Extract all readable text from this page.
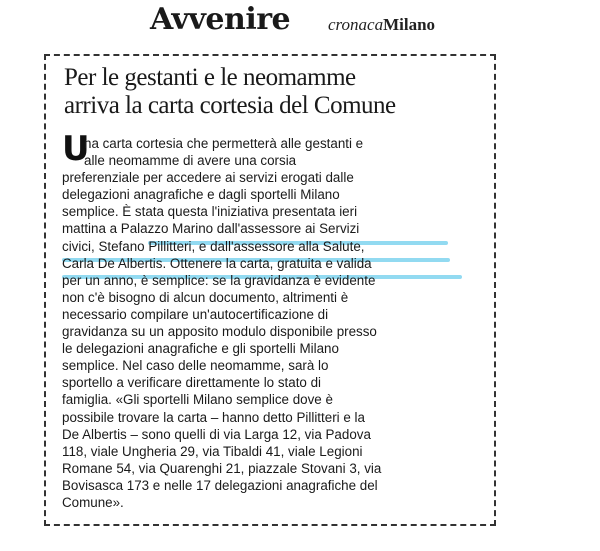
Avvenire cronacaMilano
Per le gestanti e le neomamme
arriva la carta cortesia del Comune
U
na carta cortesia che permetterà alle gestanti e
alle neomamme di avere una corsia
preferenziale per accedere ai servizi erogati dalle
delegazioni anagrafiche e dagli sportelli Milano
semplice. È stata questa l'iniziativa presentata ieri
mattina a Palazzo Marino dall'assessore ai Servizi
civici, Stefano Pillitteri, e dall'assessore alla Salute,
Carla De Albertis. Ottenere la carta, gratuita e valida
per un anno, è semplice: se la gravidanza è evidente
non c'è bisogno di alcun documento, altrimenti è
necessario compilare un'autocertificazione di
gravidanza su un apposito modulo disponibile presso
le delegazioni anagrafiche e gli sportelli Milano
semplice. Nel caso delle neomamme, sarà lo
sportello a verificare direttamente lo stato di
famiglia. «Gli sportelli Milano semplice dove è
possibile trovare la carta – hanno detto Pillitteri e la
De Albertis – sono quelli di via Larga 12, via Padova
118, viale Ungheria 29, via Tibaldi 41, viale Legioni
Romane 54, via Quarenghi 21, piazzale Stovani 3, via
Bovisasca 173 e nelle 17 delegazioni anagrafiche del
Comune».
